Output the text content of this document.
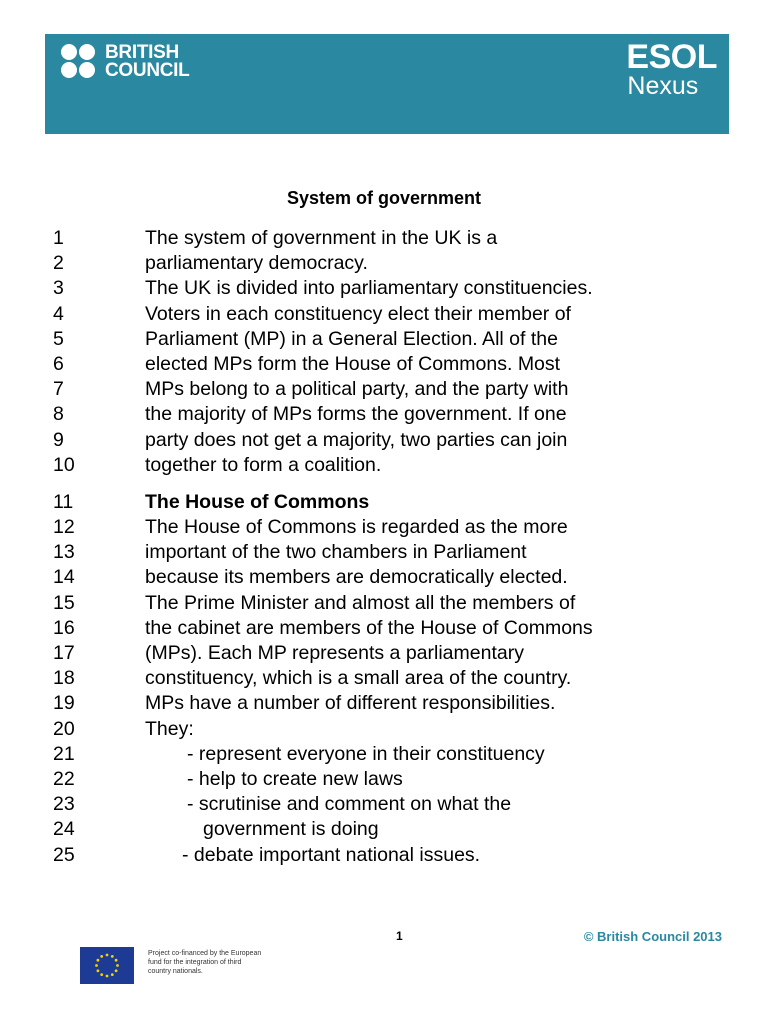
BRITISH
COUNCIL	ESOL
Nexus
System of government
1	The system of government in the UK is a
2	parliamentary democracy.
3	The UK is divided into parliamentary constituencies.
4	Voters in each constituency elect their member of
5	Parliament (MP) in a General Election. All of the
6	elected MPs form the House of Commons. Most
7	MPs belong to a political party, and the party with
8	the majority of MPs forms the government. If one
9	party does not get a majority, two parties can join
10	together to form a coalition.
11	The House of Commons
12	The House of Commons is regarded as the more
13	important of the two chambers in Parliament
14	because its members are democratically elected.
15	The Prime Minister and almost all the members of
16	the cabinet are members of the House of Commons
17	(MPs). Each MP represents a parliamentary
18	constituency, which is a small area of the country.
19	MPs have a number of different responsibilities.
20	They:
21	- represent everyone in their constituency
22	- help to create new laws
23	- scrutinise and comment on what the
24	government is doing
25	- debate important national issues.
1	© British Council 2013
Project co-financed by the European
fund for the integration of third
country nationals.
